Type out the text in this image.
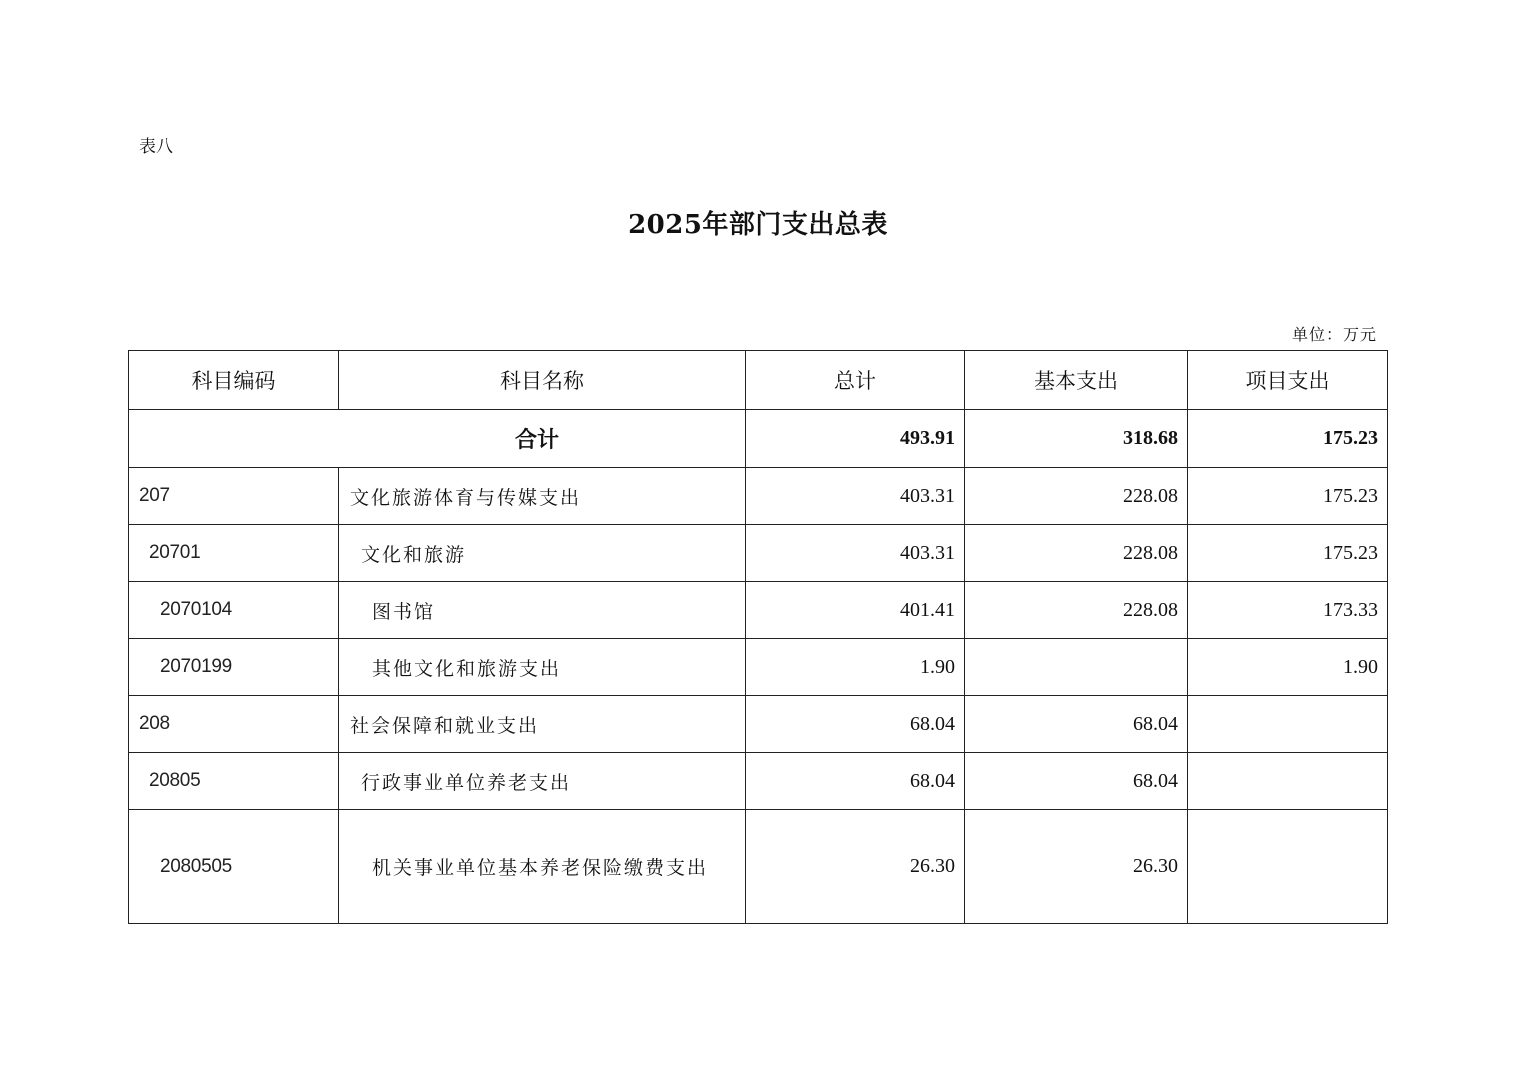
表八
2025年部门支出总表
单位：万元
科目编码	科目名称	总计	基本支出	项目支出
合计		493.91	318.68	175.23
207	文化旅游体育与传媒支出	403.31	228.08	175.23
20701	文化和旅游	403.31	228.08	175.23
2070104	图书馆	401.41	228.08	173.33
2070199	其他文化和旅游支出	1.90		1.90
208	社会保障和就业支出	68.04	68.04	
20805	行政事业单位养老支出	68.04	68.04	
2080505	机关事业单位基本养老保险缴费支出	26.30	26.30	
